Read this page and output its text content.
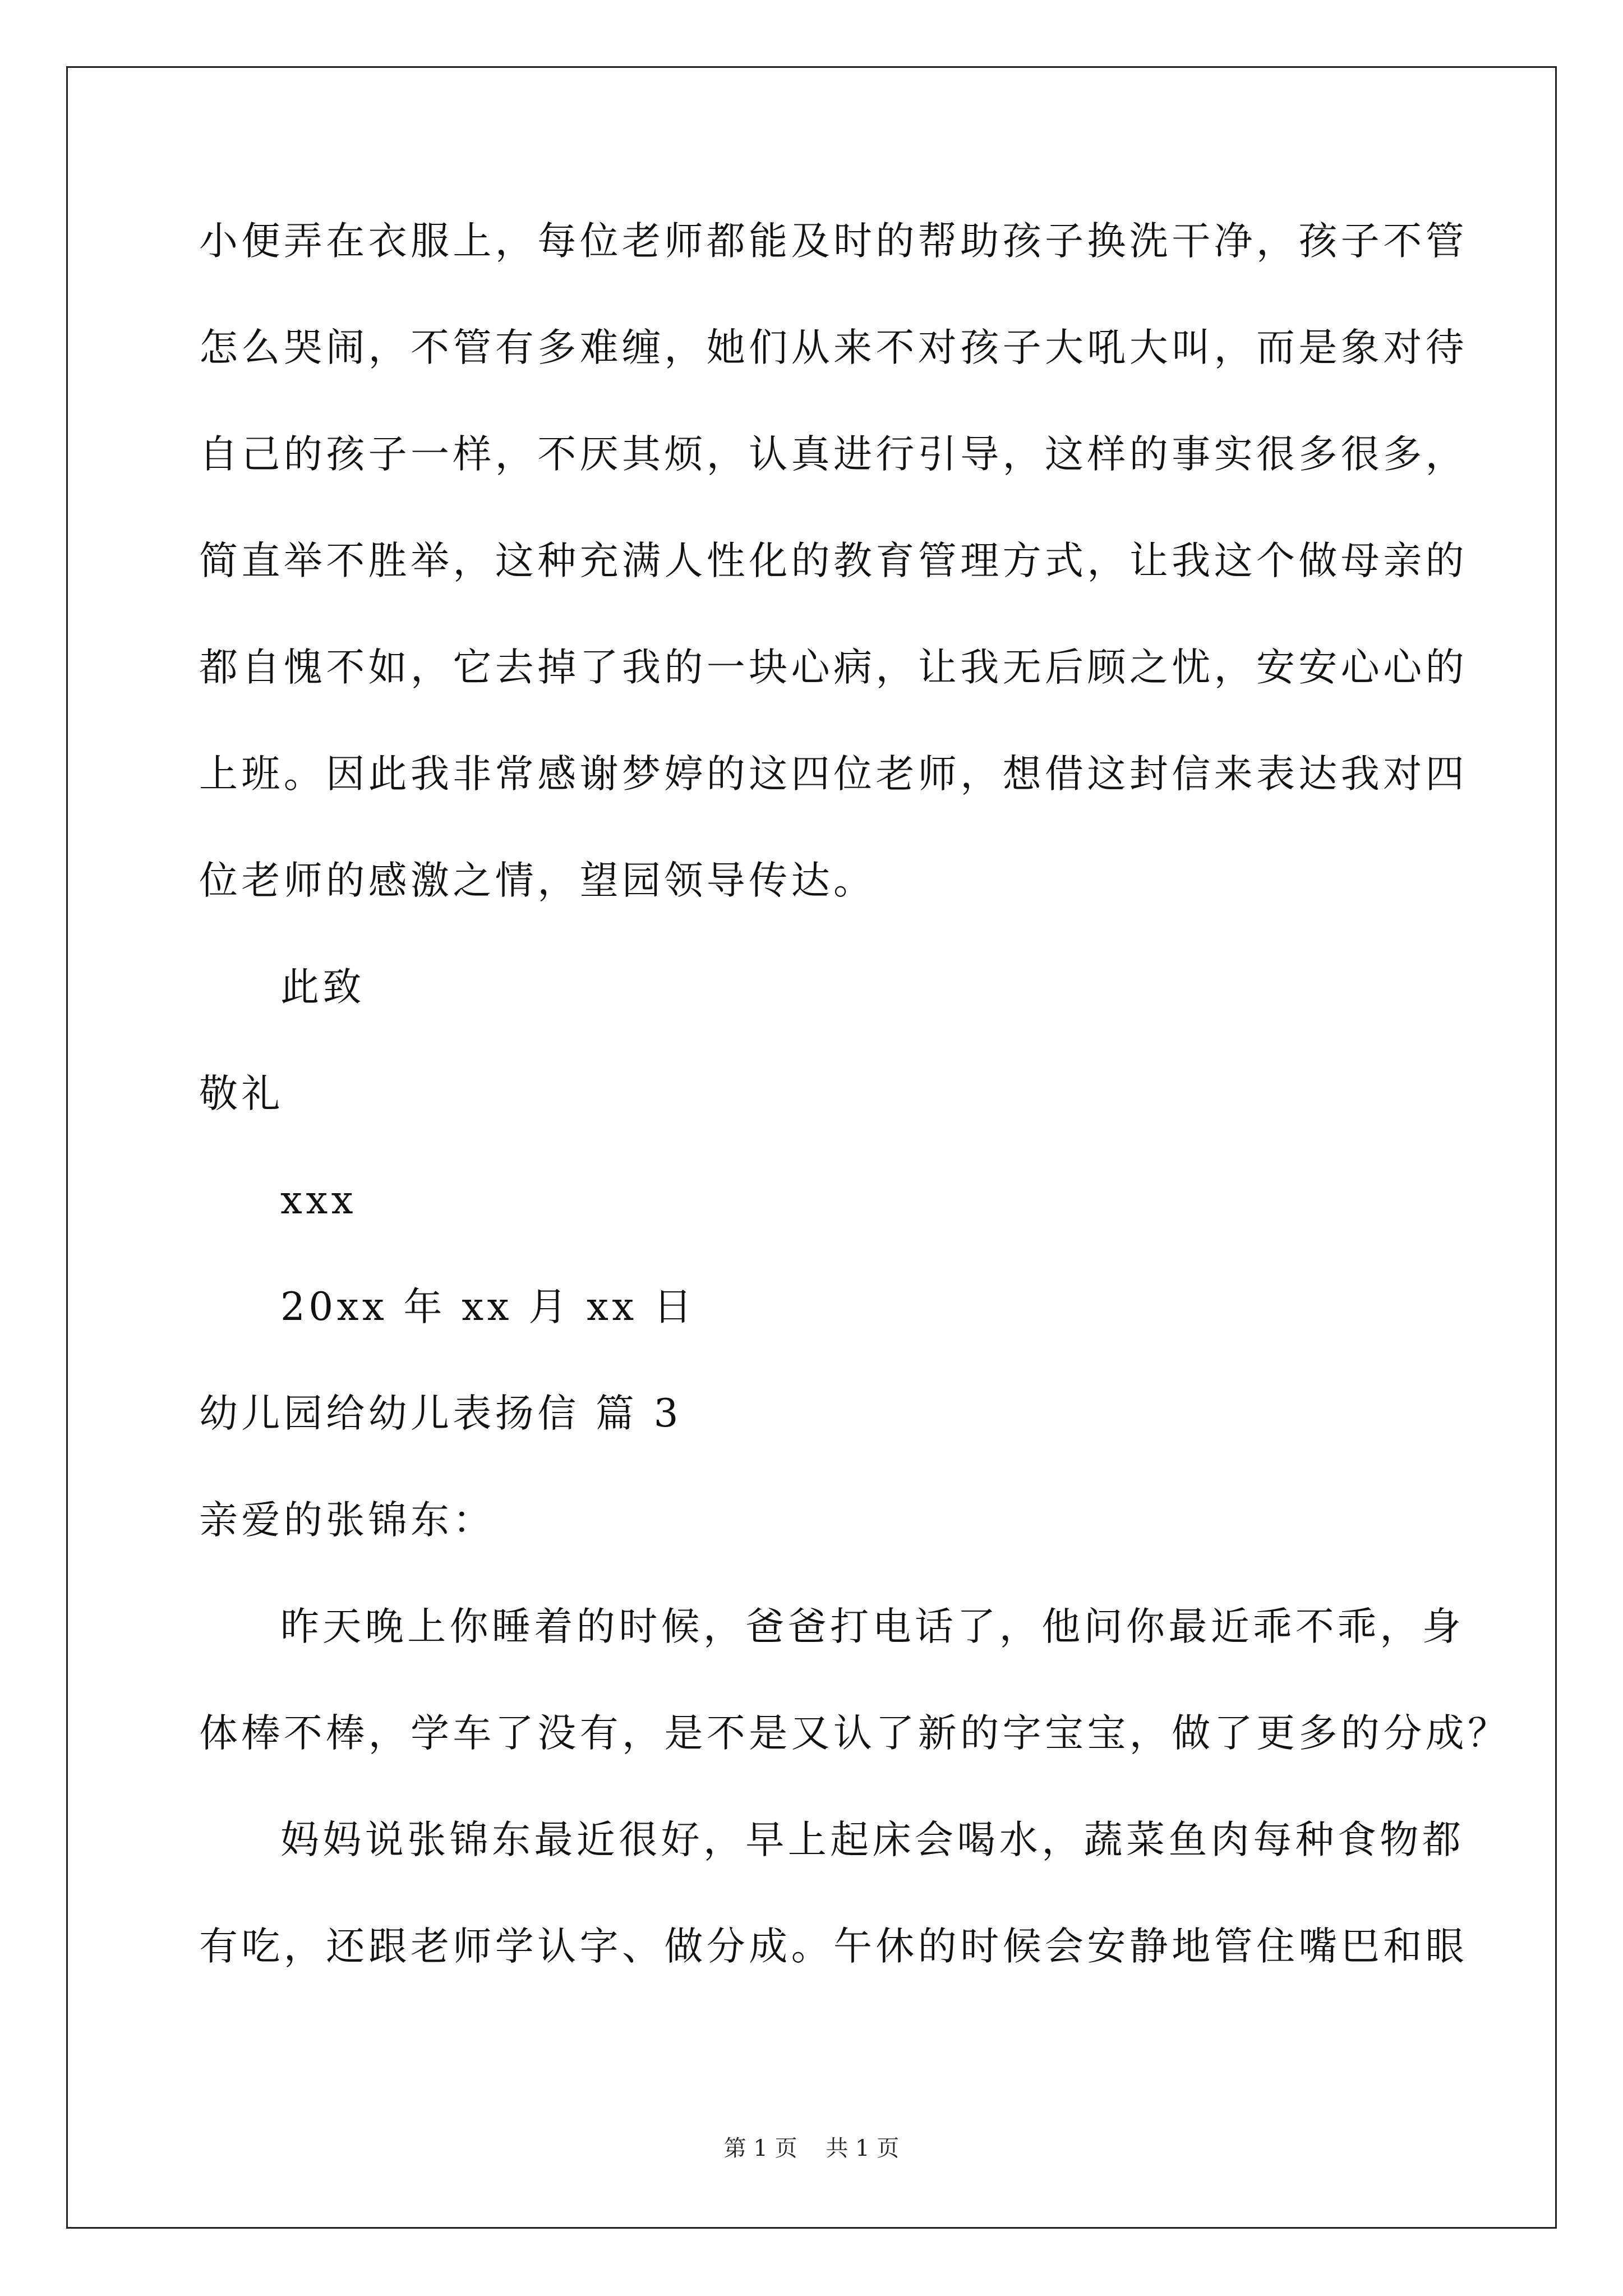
小便弄在衣服上，每位老师都能及时的帮助孩子换洗干净，孩子不管
怎么哭闹，不管有多难缠，她们从来不对孩子大吼大叫，而是象对待
自己的孩子一样，不厌其烦，认真进行引导，这样的事实很多很多，
简直举不胜举，这种充满人性化的教育管理方式，让我这个做母亲的
都自愧不如，它去掉了我的一块心病，让我无后顾之忧，安安心心的
上班。因此我非常感谢梦婷的这四位老师，想借这封信来表达我对四
位老师的感激之情，望园领导传达。
此致
敬礼
xxx
20xx 年 xx 月 xx 日
幼儿园给幼儿表扬信 篇 3
亲爱的张锦东：
昨天晚上你睡着的时候，爸爸打电话了，他问你最近乖不乖，身
体棒不棒，学车了没有，是不是又认了新的字宝宝，做了更多的分成？
妈妈说张锦东最近很好，早上起床会喝水，蔬菜鱼肉每种食物都
有吃，还跟老师学认字、做分成。午休的时候会安静地管住嘴巴和眼
第 1 页    共 1 页
